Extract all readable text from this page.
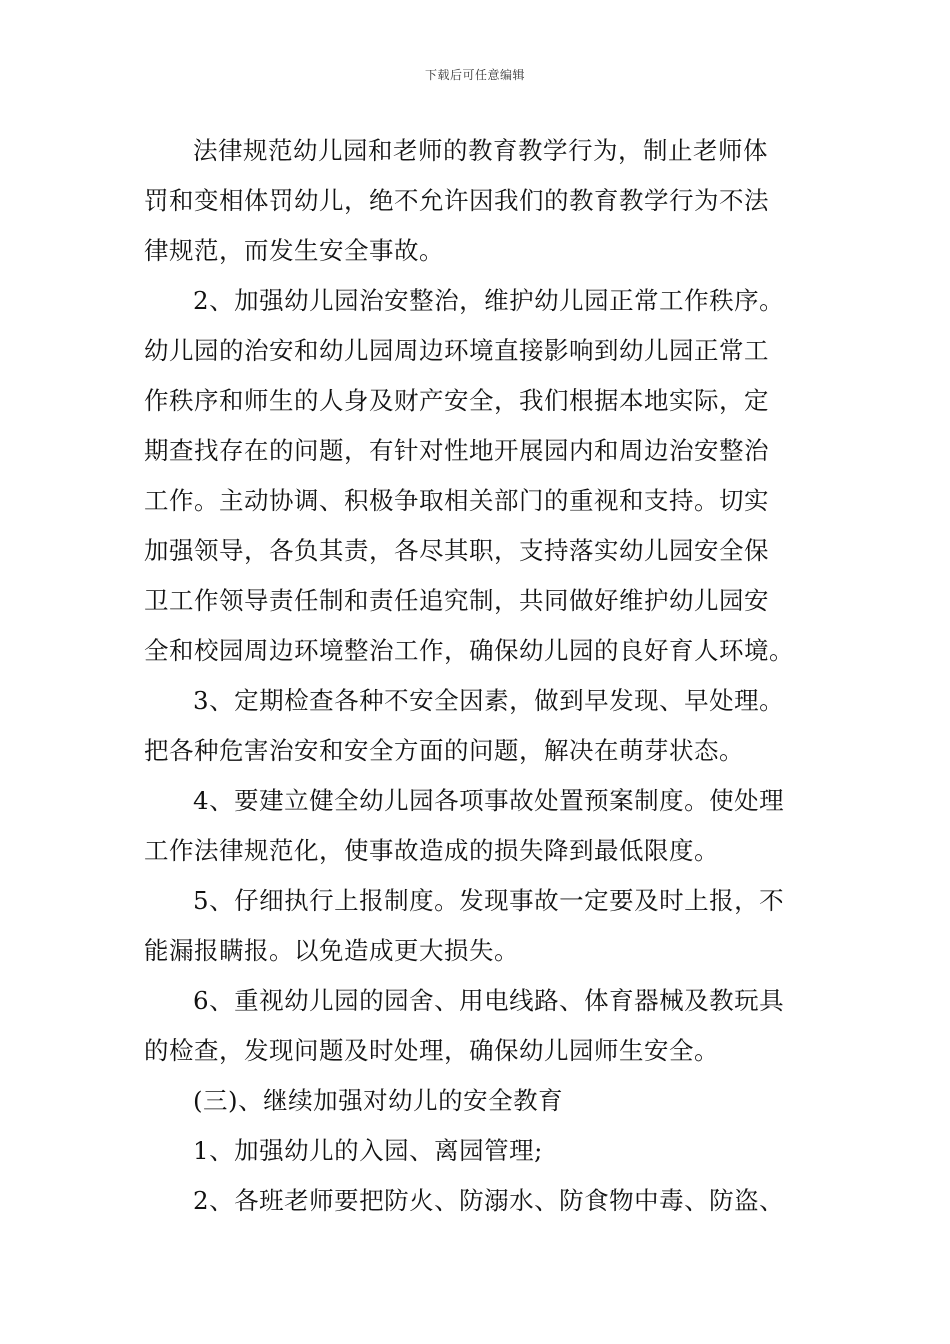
下载后可任意编辑
法律规范幼儿园和老师的教育教学行为，制止老师体
罚和变相体罚幼儿，绝不允许因我们的教育教学行为不法
律规范，而发生安全事故。
2、加强幼儿园治安整治，维护幼儿园正常工作秩序。
幼儿园的治安和幼儿园周边环境直接影响到幼儿园正常工
作秩序和师生的人身及财产安全，我们根据本地实际，定
期查找存在的问题，有针对性地开展园内和周边治安整治
工作。主动协调、积极争取相关部门的重视和支持。切实
加强领导，各负其责，各尽其职，支持落实幼儿园安全保
卫工作领导责任制和责任追究制，共同做好维护幼儿园安
全和校园周边环境整治工作，确保幼儿园的良好育人环境。
3、定期检查各种不安全因素，做到早发现、早处理。
把各种危害治安和安全方面的问题，解决在萌芽状态。
4、要建立健全幼儿园各项事故处置预案制度。使处理
工作法律规范化，使事故造成的损失降到最低限度。
5、仔细执行上报制度。发现事故一定要及时上报，不
能漏报瞒报。以免造成更大损失。
6、重视幼儿园的园舍、用电线路、体育器械及教玩具
的检查，发现问题及时处理，确保幼儿园师生安全。
(三)、继续加强对幼儿的安全教育
1、加强幼儿的入园、离园管理;
2、各班老师要把防火、防溺水、防食物中毒、防盗、
